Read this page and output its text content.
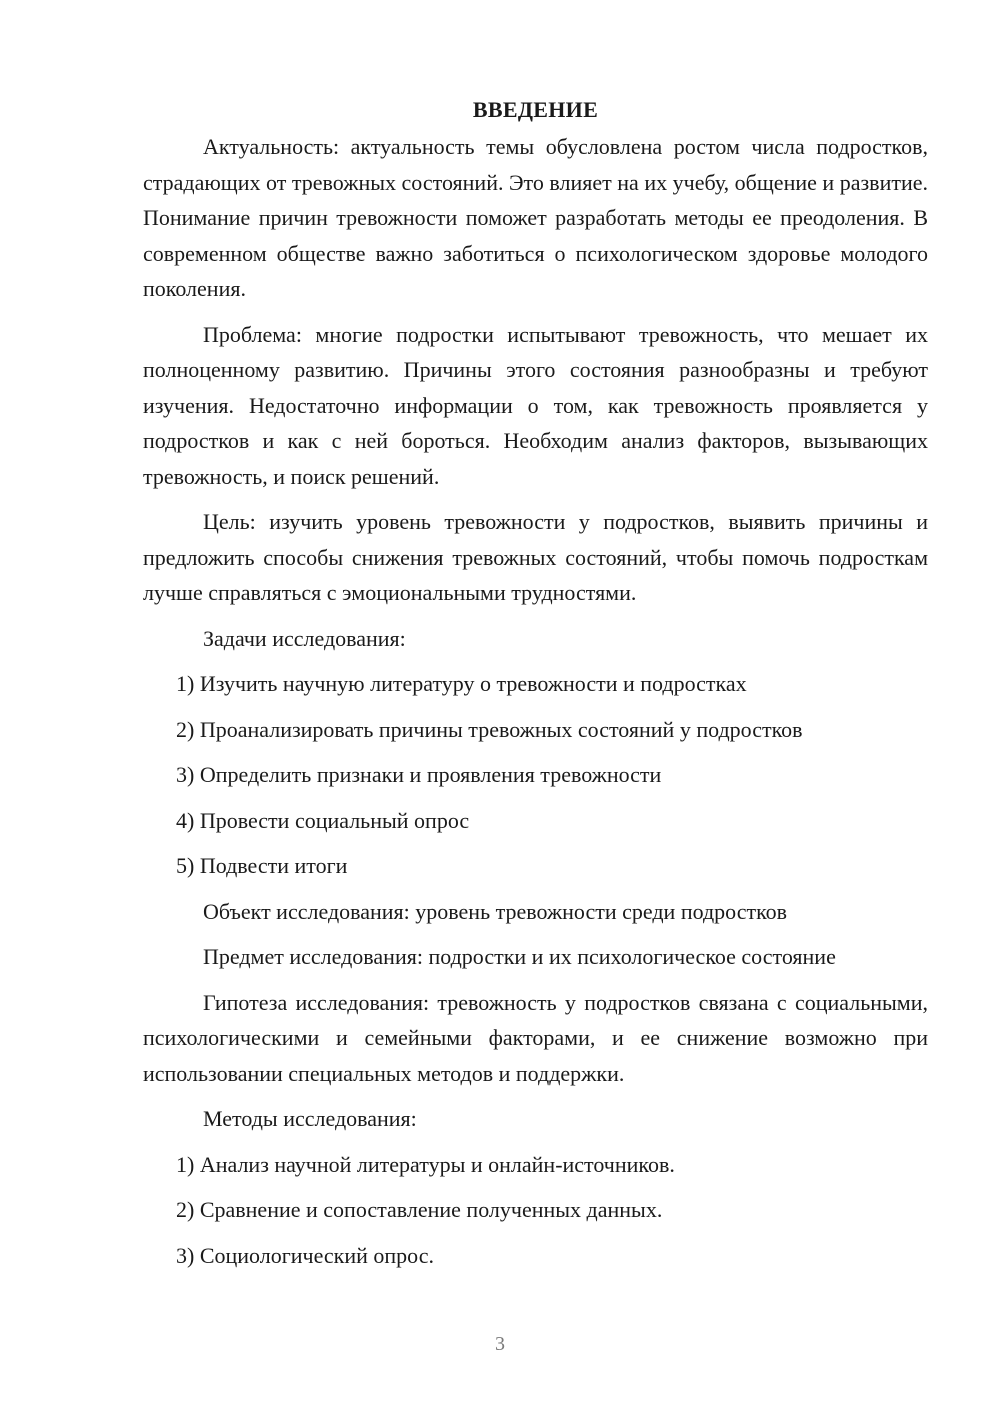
ВВЕДЕНИЕ

Актуальность: актуальность темы обусловлена ростом числа подростков, страдающих от тревожных состояний. Это влияет на их учебу, общение и развитие. Понимание причин тревожности поможет разработать методы ее преодоления. В современном обществе важно заботиться о психологическом здоровье молодого поколения.

Проблема: многие подростки испытывают тревожность, что мешает их полноценному развитию. Причины этого состояния разнообразны и требуют изучения. Недостаточно информации о том, как тревожность проявляется у подростков и как с ней бороться. Необходим анализ факторов, вызывающих тревожность, и поиск решений.

Цель: изучить уровень тревожности у подростков, выявить причины и предложить способы снижения тревожных состояний, чтобы помочь подросткам лучше справляться с эмоциональными трудностями.

Задачи исследования:

1) Изучить научную литературу о тревожности и подростках
2) Проанализировать причины тревожных состояний у подростков
3) Определить признаки и проявления тревожности
4) Провести социальный опрос
5) Подвести итоги

Объект исследования: уровень тревожности среди подростков

Предмет исследования: подростки и их психологическое состояние

Гипотеза исследования: тревожность у подростков связана с социальными, психологическими и семейными факторами, и ее снижение возможно при использовании специальных методов и поддержки.

Методы исследования:

1) Анализ научной литературы и онлайн-источников.
2) Сравнение и сопоставление полученных данных.
3) Социологический опрос.
3
